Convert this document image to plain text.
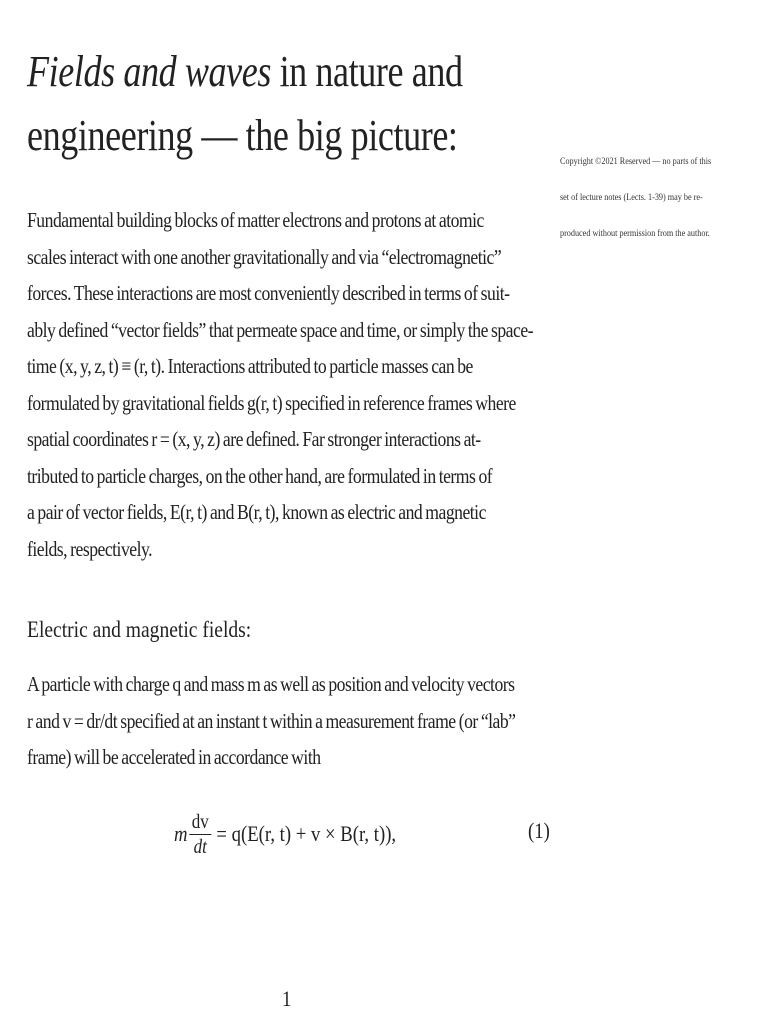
Fields and waves in nature and
engineering — the big picture:
Copyright ©2021 Reserved — no parts of this
set of lecture notes (Lects. 1-39) may be re-
produced without permission from the author.
Fundamental building blocks of matter electrons and protons at atomic
scales interact with one another gravitationally and via “electromagnetic”
forces. These interactions are most conveniently described in terms of suit-
ably defined “vector fields” that permeate space and time, or simply the space-
time (x, y, z, t) ≡ (r, t). Interactions attributed to particle masses can be
formulated by gravitational fields g(r, t) specified in reference frames where
spatial coordinates r = (x, y, z) are defined. Far stronger interactions at-
tributed to particle charges, on the other hand, are formulated in terms of
a pair of vector fields, E(r, t) and B(r, t), known as electric and magnetic
fields, respectively.
Electric and magnetic fields:
A particle with charge q and mass m as well as position and velocity vectors
r and v = dr/dt specified at an instant t within a measurement frame (or “lab”
frame) will be accelerated in accordance with
m $\frac{dv}{dt} = q(E(r$, t) + v × B(r, t)),	(1)
1
